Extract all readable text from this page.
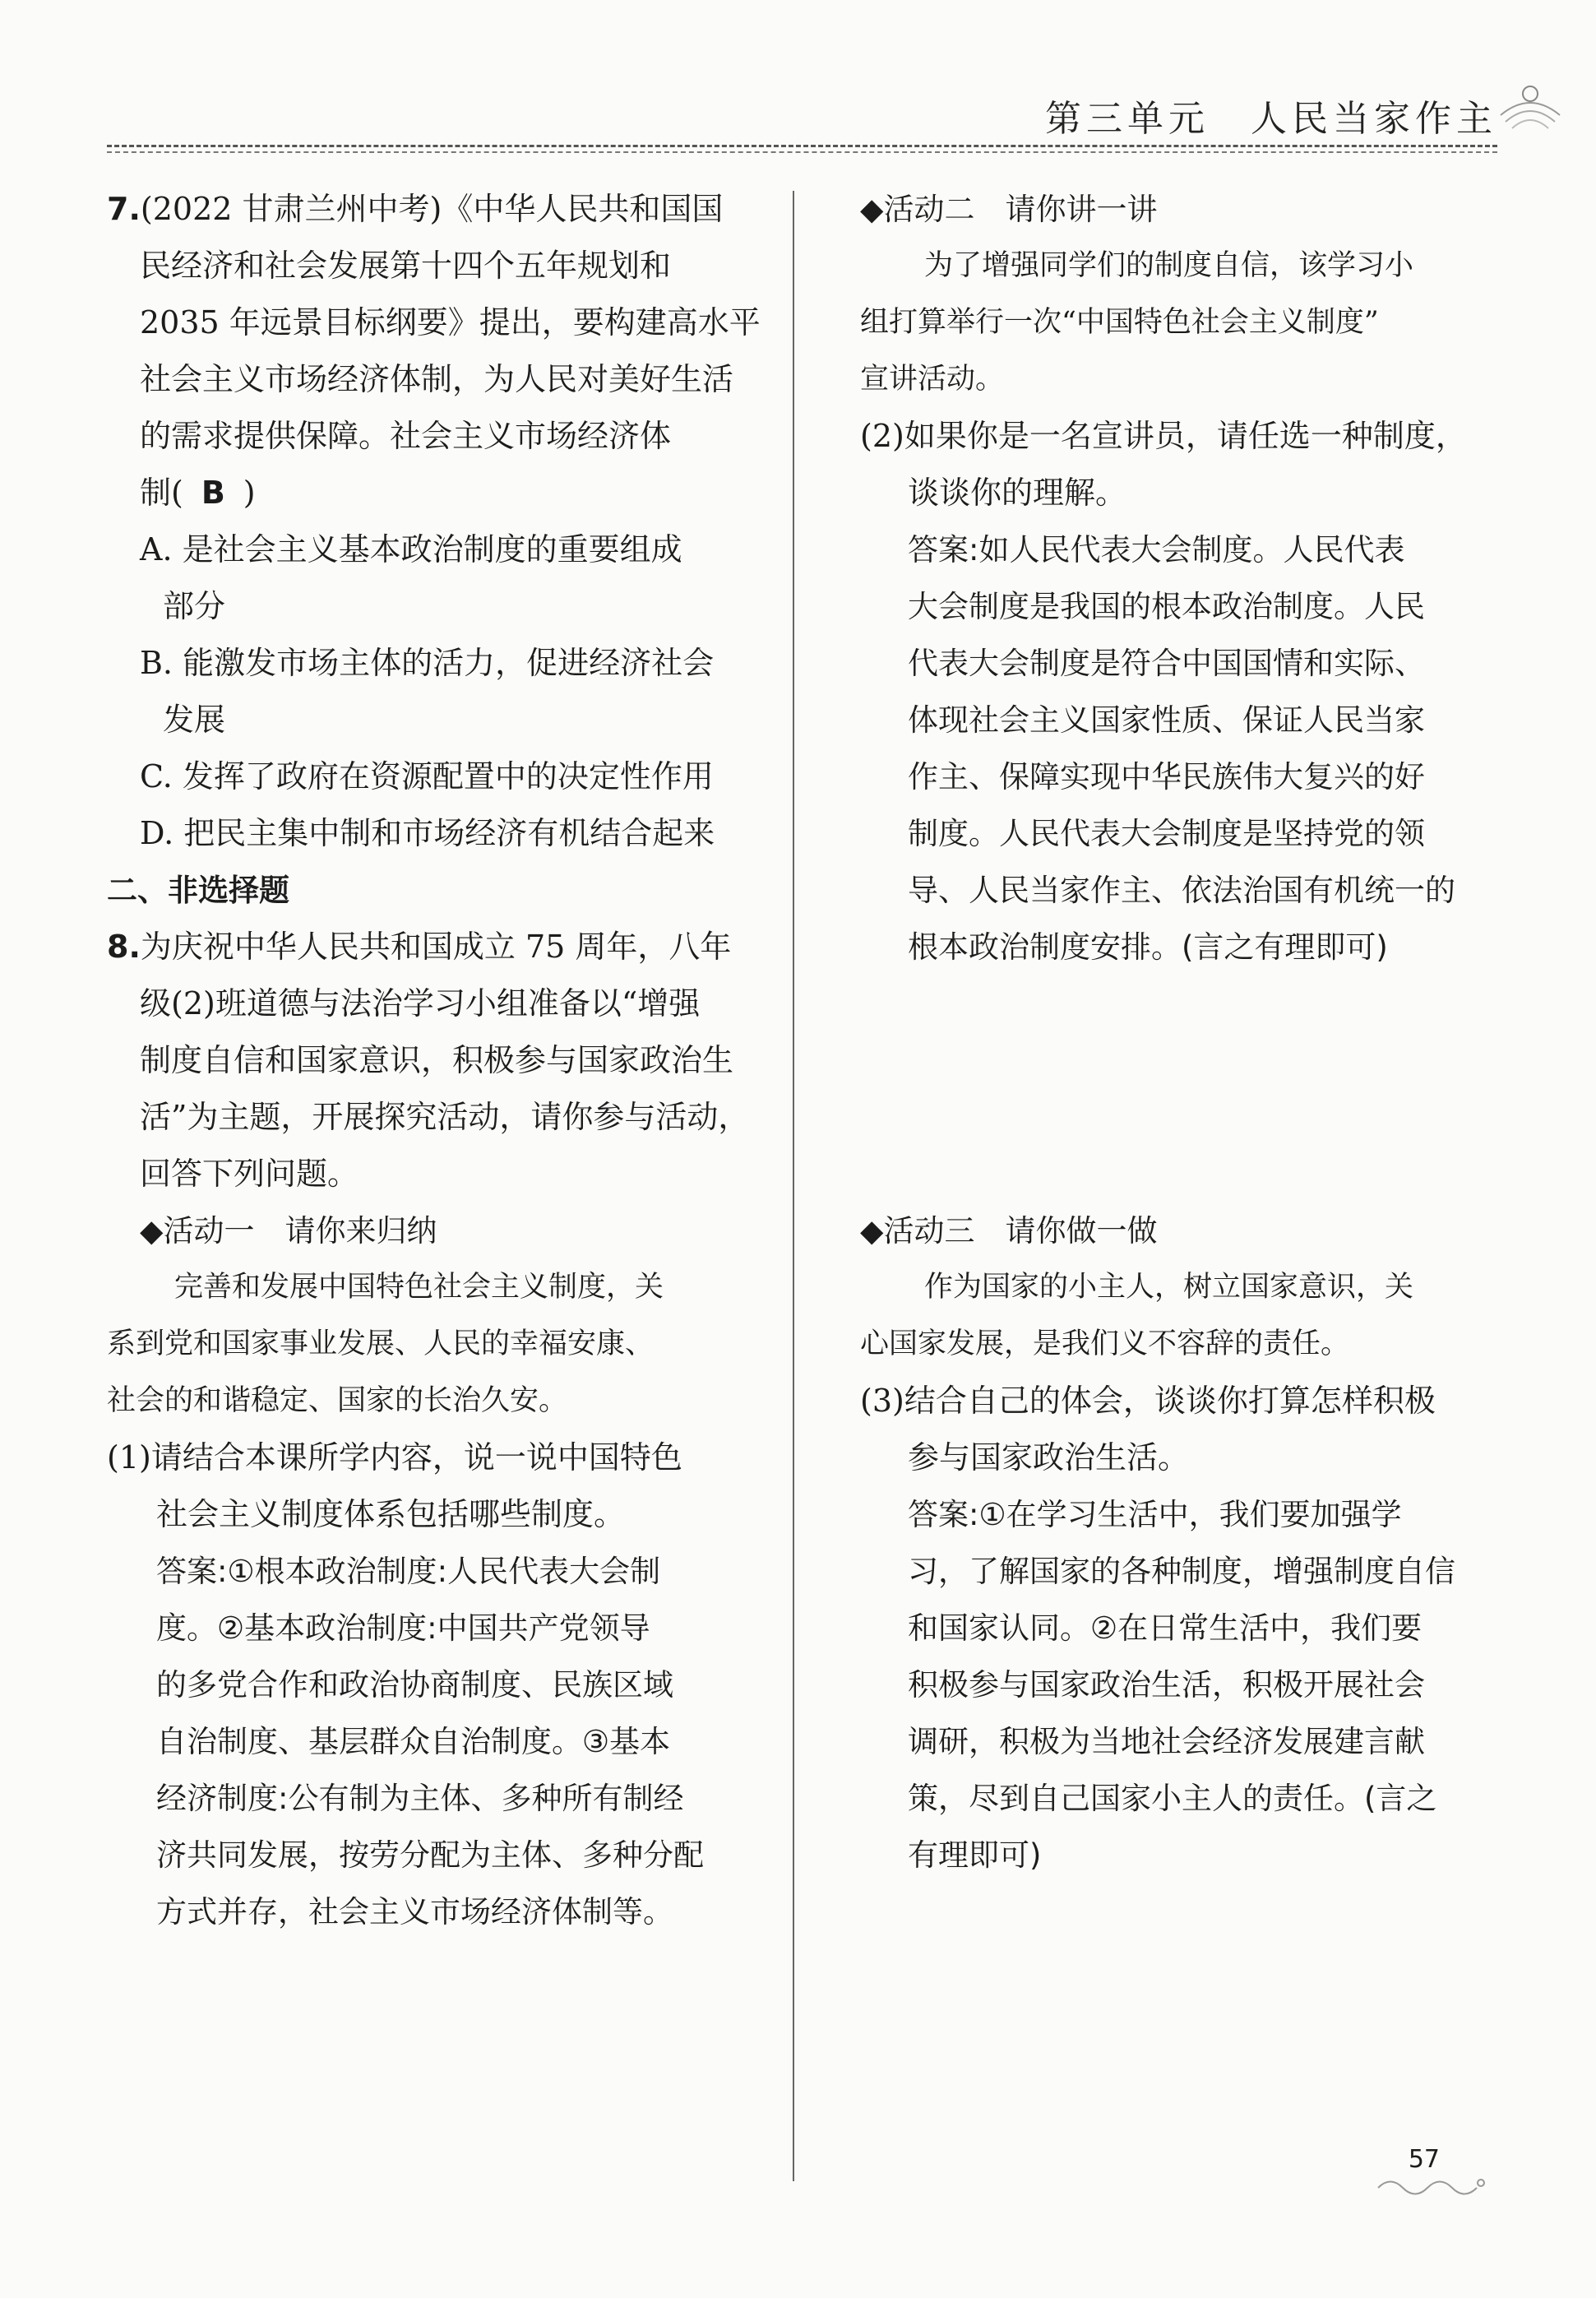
第三单元　人民当家作主

7.(2022 甘肃兰州中考)《中华人民共和国国

民经济和社会发展第十四个五年规划和

2035 年远景目标纲要》提出，要构建高水平

社会主义市场经济体制，为人民对美好生活

的需求提供保障。社会主义市场经济体

制( B )

A. 是社会主义基本政治制度的重要组成

部分

B. 能激发市场主体的活力，促进经济社会

发展

C. 发挥了政府在资源配置中的决定性作用

D. 把民主集中制和市场经济有机结合起来

二、非选择题

8.为庆祝中华人民共和国成立 75 周年，八年

级(2)班道德与法治学习小组准备以“增强

制度自信和国家意识，积极参与国家政治生

活”为主题，开展探究活动，请你参与活动，

回答下列问题。

◆活动一　请你来归纳

完善和发展中国特色社会主义制度，关

系到党和国家事业发展、人民的幸福安康、

社会的和谐稳定、国家的长治久安。

(1)请结合本课所学内容，说一说中国特色

社会主义制度体系包括哪些制度。

答案:①根本政治制度:人民代表大会制

度。②基本政治制度:中国共产党领导

的多党合作和政治协商制度、民族区域

自治制度、基层群众自治制度。③基本

经济制度:公有制为主体、多种所有制经

济共同发展，按劳分配为主体、多种分配

方式并存，社会主义市场经济体制等。

◆活动二　请你讲一讲

为了增强同学们的制度自信，该学习小

组打算举行一次“中国特色社会主义制度”

宣讲活动。

(2)如果你是一名宣讲员，请任选一种制度，

谈谈你的理解。

答案:如人民代表大会制度。人民代表

大会制度是我国的根本政治制度。人民

代表大会制度是符合中国国情和实际、

体现社会主义国家性质、保证人民当家

作主、保障实现中华民族伟大复兴的好

制度。人民代表大会制度是坚持党的领

导、人民当家作主、依法治国有机统一的

根本政治制度安排。(言之有理即可)

◆活动三　请你做一做

作为国家的小主人，树立国家意识，关

心国家发展，是我们义不容辞的责任。

(3)结合自己的体会，谈谈你打算怎样积极

参与国家政治生活。

答案:①在学习生活中，我们要加强学

习，了解国家的各种制度，增强制度自信

和国家认同。②在日常生活中，我们要

积极参与国家政治生活，积极开展社会

调研，积极为当地社会经济发展建言献

策，尽到自己国家小主人的责任。(言之

有理即可)

57
